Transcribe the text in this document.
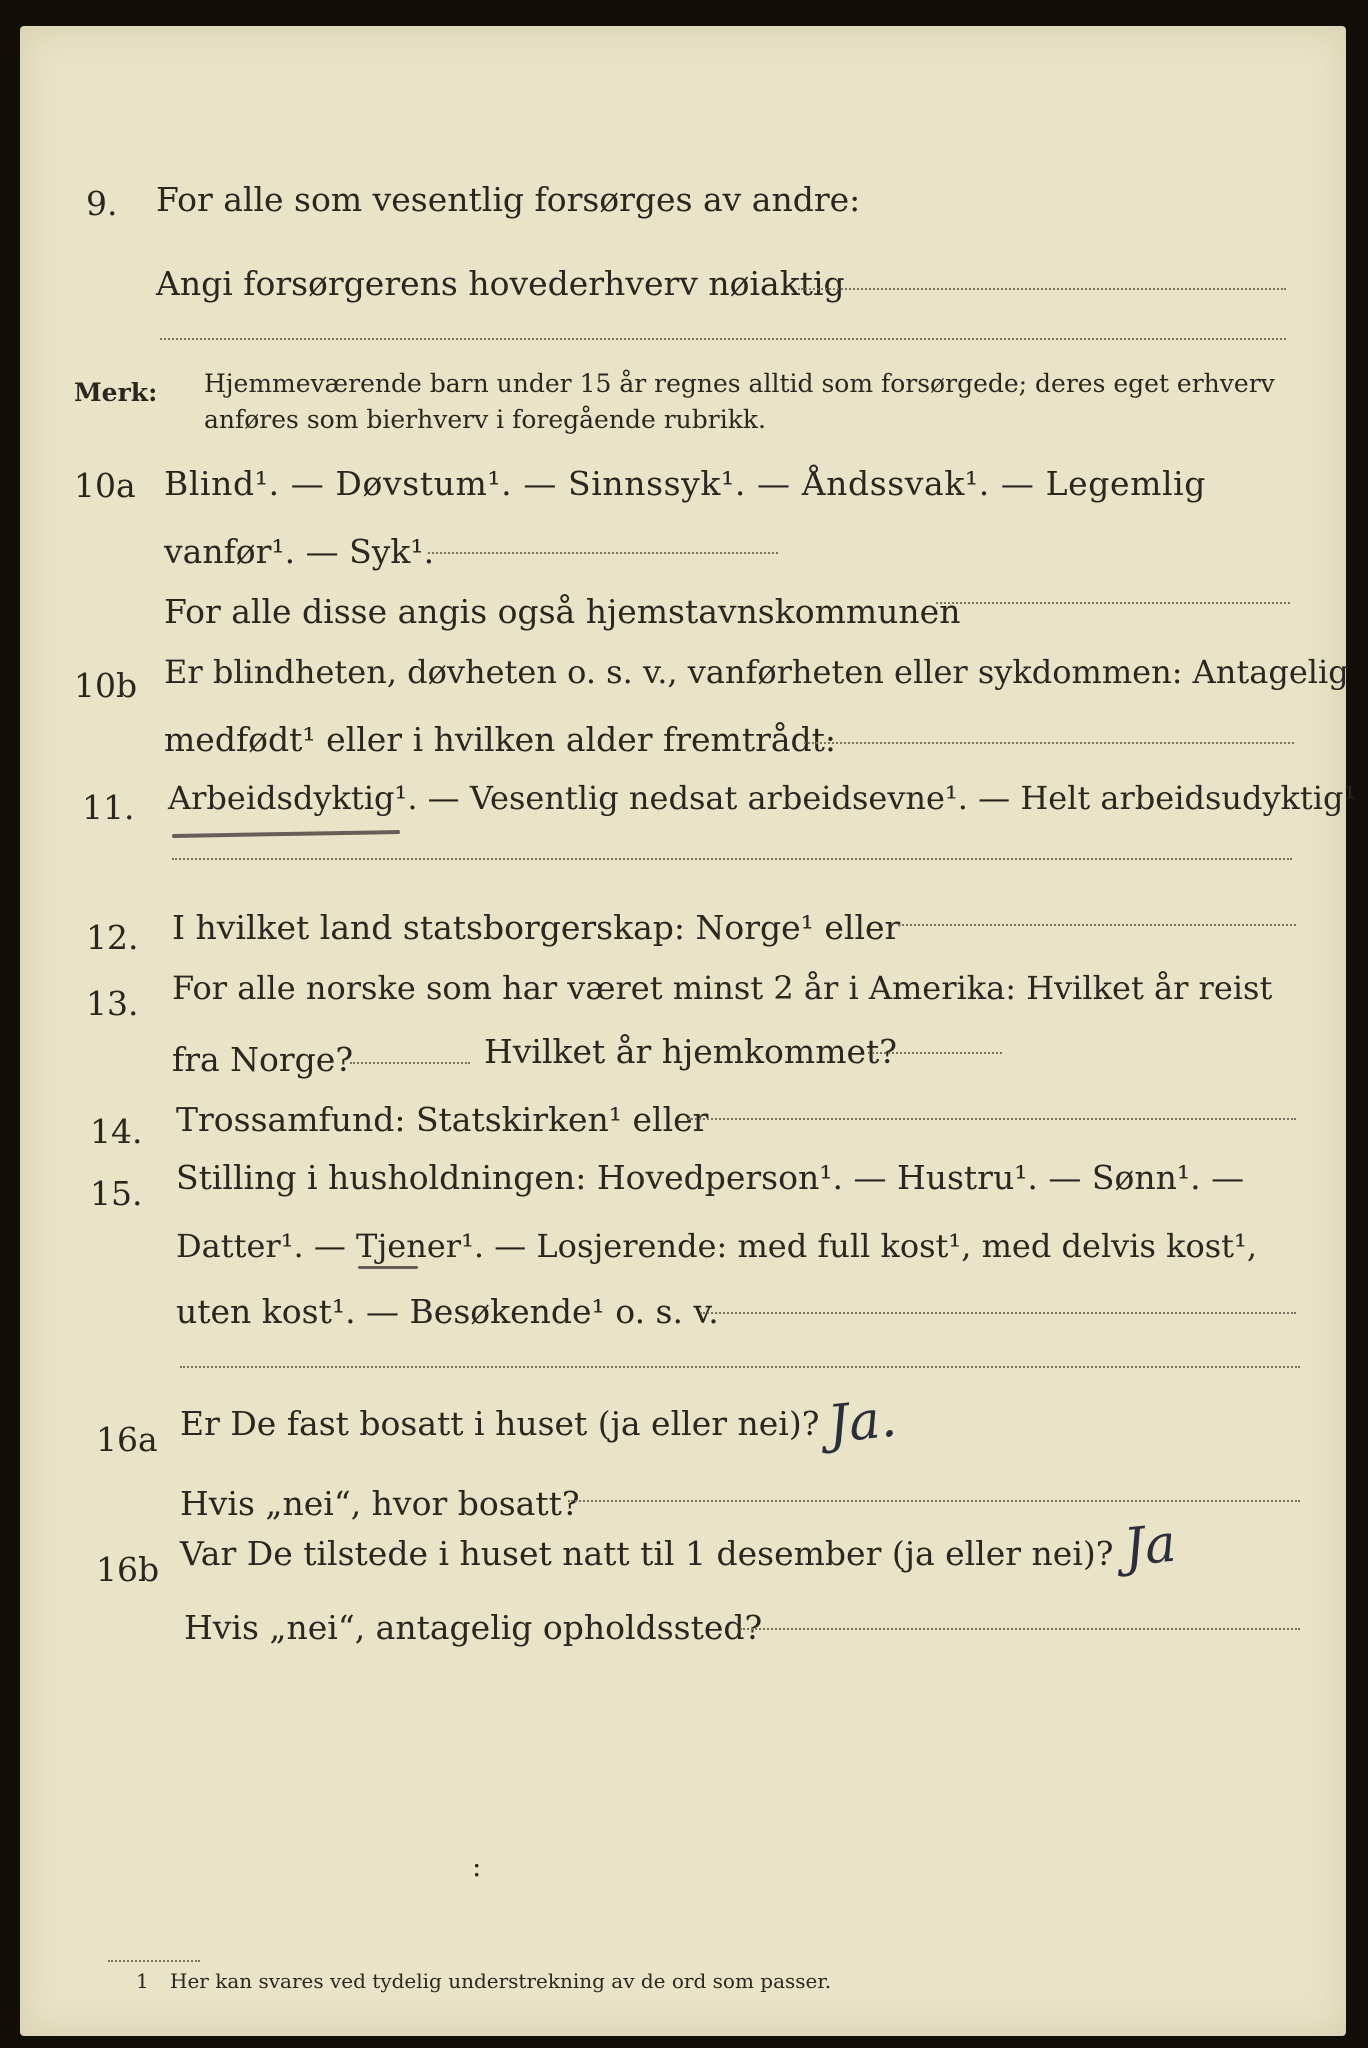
9. For alle som vesentlig forsørges av andre:
Angi forsørgerens hovederhverv nøiaktig
Merk: Hjemmeværende barn under 15 år regnes alltid som forsørgede; deres eget erhverv
anføres som bierhverv i foregående rubrikk.
10a Blind¹. — Døvstum¹. — Sinnssyk¹. — Åndssvak¹. — Legemlig
vanfør¹. — Syk¹.
For alle disse angis også hjemstavnskommunen
10b Er blindheten, døvheten o. s. v., vanførheten eller sykdommen: Antagelig
medfødt¹ eller i hvilken alder fremtrådt:
11. Arbeidsdyktig¹. — Vesentlig nedsat arbeidsevne¹. — Helt arbeidsudyktig¹
12. I hvilket land statsborgerskap: Norge¹ eller
13. For alle norske som har været minst 2 år i Amerika: Hvilket år reist
fra Norge?	Hvilket år hjemkommet?
14. Trossamfund: Statskirken¹ eller
15. Stilling i husholdningen: Hovedperson¹. — Hustru¹. — Sønn¹. —
Datter¹. — Tjener¹. — Losjerende: med full kost¹, med delvis kost¹,
uten kost¹. — Besøkende¹ o. s. v.
16a Er De fast bosatt i huset (ja eller nei)? Ja.
Hvis „nei“, hvor bosatt?
16b Var De tilstede i huset natt til 1 desember (ja eller nei)? Ja
Hvis „nei“, antagelig opholdssted?
:
1 Her kan svares ved tydelig understrekning av de ord som passer.
